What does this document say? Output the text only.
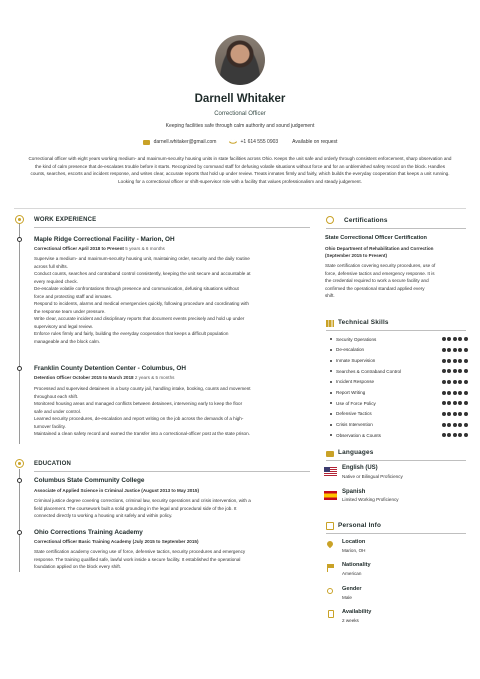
Darnell Whitaker
Correctional Officer
Keeping facilities safe through calm authority and sound judgement
darnell.whitaker@gmail.com	+1 614 555 0903	Available on request
Correctional officer with eight years working medium- and maximum-security housing units in state facilities across Ohio. Keeps the unit safe and orderly through consistent enforcement, sharp observation and the kind of calm presence that de-escalates trouble before it starts. Recognized by command staff for defusing volatile situations without force and for an unblemished safety record on the block. Handles counts, searches, escorts and incident response, and writes clear, accurate reports that hold up under review. Treats inmates firmly and fairly, which builds the everyday cooperation that keeps a unit running. Looking for a correctional officer or shift-supervisor role with a facility that values professionalism and steady judgement.
WORK EXPERIENCE
Maple Ridge Correctional Facility - Marion, OH
Correctional Officer April 2018 to Present 5 years & 6 months

Supervise a medium- and maximum-security housing unit, maintaining order, security and the daily routine

across full shifts.

Conduct counts, searches and contraband control consistently, keeping the unit secure and accountable at

every required check.

De-escalate volatile confrontations through presence and communication, defusing situations without

force and protecting staff and inmates.

Respond to incidents, alarms and medical emergencies quickly, following procedure and coordinating with

the response team under pressure.

Write clear, accurate incident and disciplinary reports that document events precisely and hold up under

supervisory and legal review.

Enforce rules firmly and fairly, building the everyday cooperation that keeps a difficult population

manageable and the block calm.

Franklin County Detention Center - Columbus, OH
Detention Officer October 2015 to March 2018 2 years & 5 months

Processed and supervised detainees in a busy county jail, handling intake, booking, counts and movement

throughout each shift.

Monitored housing areas and managed conflicts between detainees, intervening early to keep the floor

safe and under control.

Learned security procedures, de-escalation and report writing on the job across the demands of a high-

turnover facility.

Maintained a clean safety record and earned the transfer into a correctional-officer post at the state prison.

EDUCATION
Columbus State Community College
Associate of Applied Science in Criminal Justice (August 2013 to May 2015)

Criminal justice degree covering corrections, criminal law, security operations and crisis intervention, with a

field placement. The coursework built a solid grounding in the legal and procedural side of the job. It

connected directly to working a housing unit safely and within policy.

Ohio Corrections Training Academy
Correctional Officer Basic Training Academy (July 2015 to September 2015)

State certification academy covering use of force, defensive tactics, security procedures and emergency

response. The training qualified safe, lawful work inside a secure facility. It established the operational

foundation applied on the block every shift.

Certifications
State Correctional Officer Certification
Ohio Department of Rehabilitation and Correction
(September 2015 to Present)

State certification covering security procedures, use of

force, defensive tactics and emergency response. It is

the credential required to work a secure facility and

confirmed the operational standard applied every

shift.

Technical Skills
Security Operations
De-escalation
Inmate Supervision
Searches & Contraband Control
Incident Response
Report Writing
Use of Force Policy
Defensive Tactics
Crisis Intervention
Observation & Counts
Languages
English (US)
Native or Bilingual Proficiency
Spanish
Limited Working Proficiency
Personal Info
Location
Marion, OH
Nationality
American
Gender
Male
Availability
2 weeks
